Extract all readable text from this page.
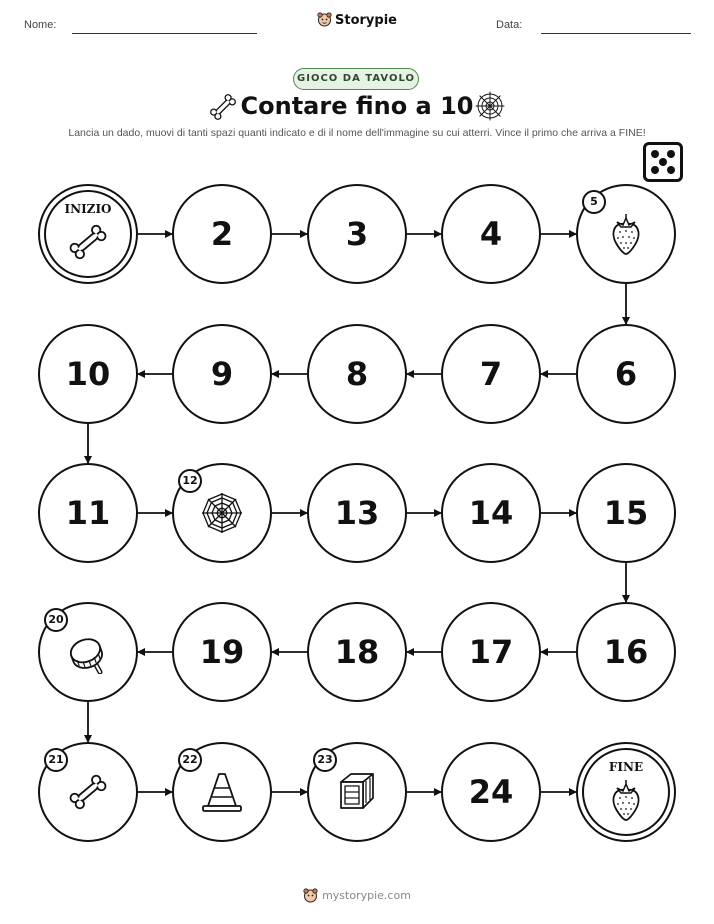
Nome:	Storypie	Data:
GIOCO DA TAVOLO
Contare fino a 10
Lancia un dado, muovi di tanti spazi quanti indicato e di il nome dell'immagine su cui atterri. Vince il primo che arriva a FINE!
INIZIO
2	3	4
5
6
7
8
9
10
11
12
13	14	15
16
17
18
19
20
21	22	23
24
FINE
mystorypie.com
